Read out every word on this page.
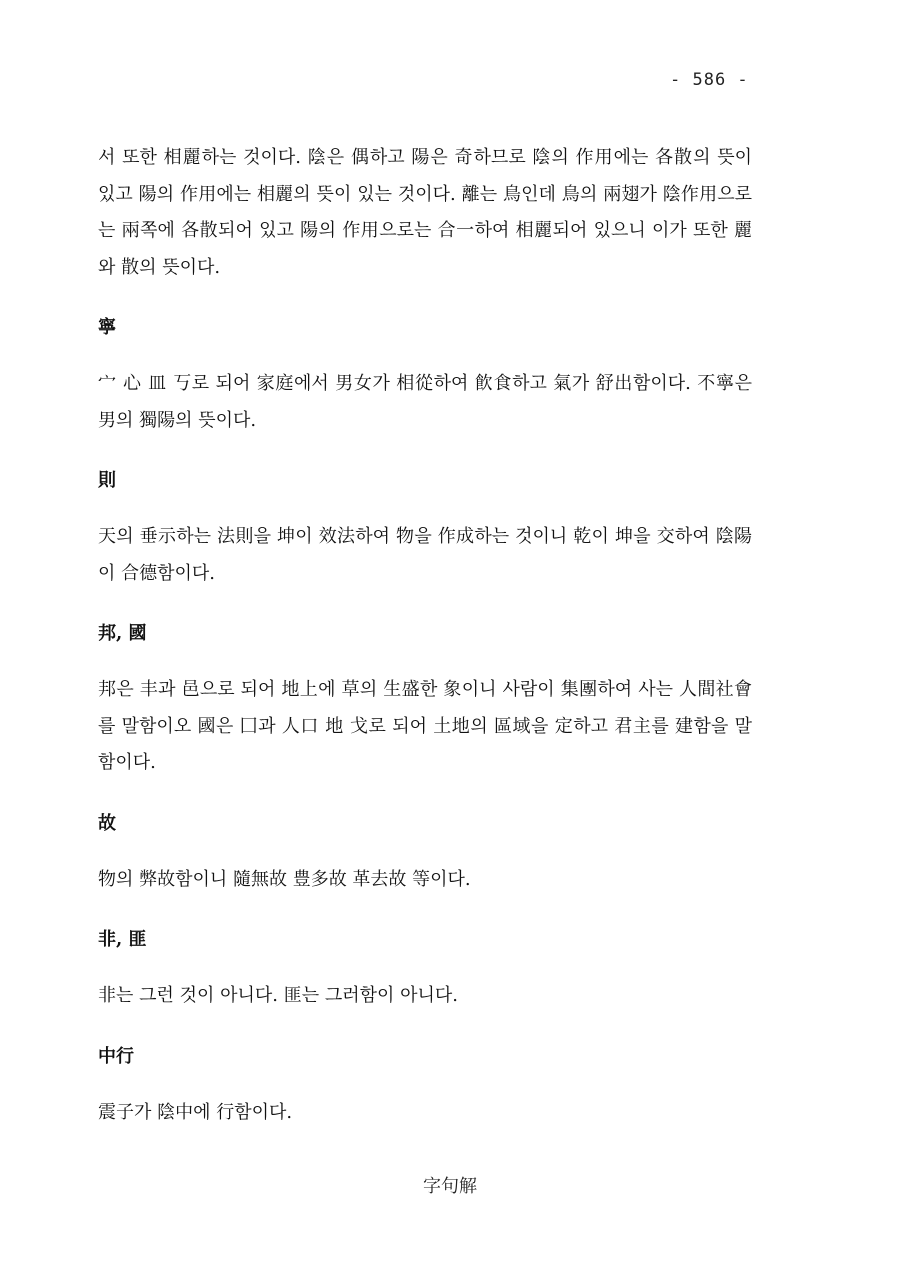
- 586 -

서 또한 相麗하는 것이다. 陰은 偶하고 陽은 奇하므로 陰의 作用에는 各散의 뜻이 있고 陽의 作用에는 相麗의 뜻이 있는 것이다. 離는 鳥인데 鳥의 兩翅가 陰作用으로는 兩쪽에 各散되어 있고 陽의 作用으로는 合一하여 相麗되어 있으니 이가 또한 麗와 散의 뜻이다.

寧

宀 心 皿 丂로 되어 家庭에서 男女가 相從하여 飮食하고 氣가 舒出함이다. 不寧은 男의 獨陽의 뜻이다.

則

天의 垂示하는 法則을 坤이 效法하여 物을 作成하는 것이니 乾이 坤을 交하여 陰陽이 合德함이다.

邦, 國

邦은 丰과 邑으로 되어 地上에 草의 生盛한 象이니 사람이 集團하여 사는 人間社會를 말함이오 國은 囗과 人口 地 戈로 되어 土地의 區域을 定하고 君主를 建함을 말함이다.

故

物의 弊故함이니 隨無故 豊多故 革去故 等이다.

非, 匪

非는 그런 것이 아니다. 匪는 그러함이 아니다.

中行

震子가 陰中에 行함이다.

字句解
